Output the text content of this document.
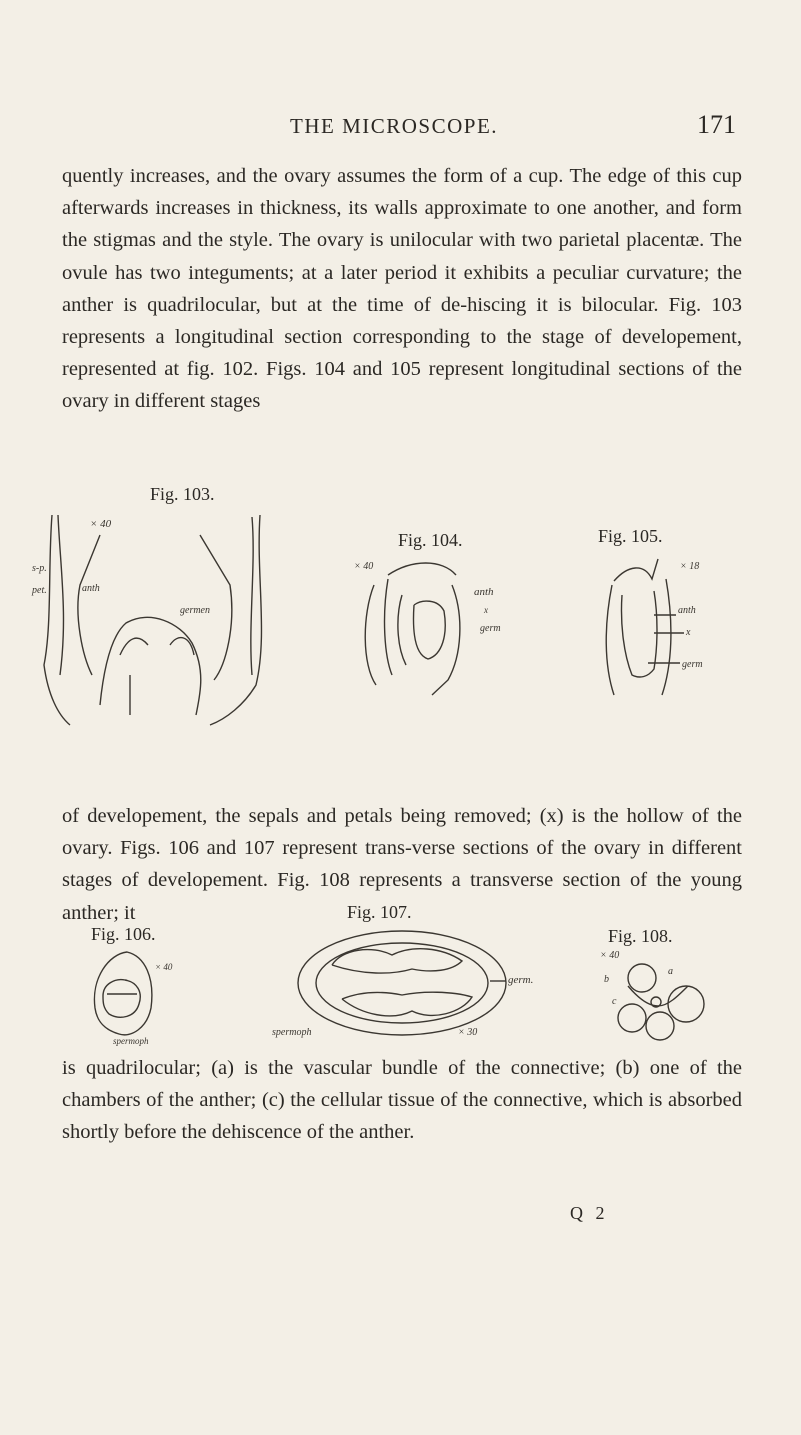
THE MICROSCOPE.	171

quently increases, and the ovary assumes the form of a cup. The edge of this cup afterwards increases in thickness, its walls approximate to one another, and form the stigmas and the style. The ovary is unilocular with two parietal placentæ. The ovule has two integuments; at a later period it exhibits a peculiar curvature; the anther is quadrilocular, but at the time of de-hiscing it is bilocular. Fig. 103 represents a longitudinal section corresponding to the stage of developement, represented at fig. 102. Figs. 104 and 105 represent longitudinal sections of the ovary in different stages

Fig. 103.
× 40
s-p.
pet.	anth
germen
Fig. 104.
× 40
anth
x
germ
Fig. 105.
× 18
anth
x
germ

of developement, the sepals and petals being removed; (x) is the hollow of the ovary. Figs. 106 and 107 represent trans-verse sections of the ovary in different stages of developement. Fig. 108 represents a transverse section of the young anther; it

Fig. 106.
× 40
spermoph
Fig. 107.
germ.
× 30
spermoph
Fig. 108.
× 40
a
b
c

is quadrilocular; (a) is the vascular bundle of the connective; (b) one of the chambers of the anther; (c) the cellular tissue of the connective, which is absorbed shortly before the dehiscence of the anther.

Q 2
